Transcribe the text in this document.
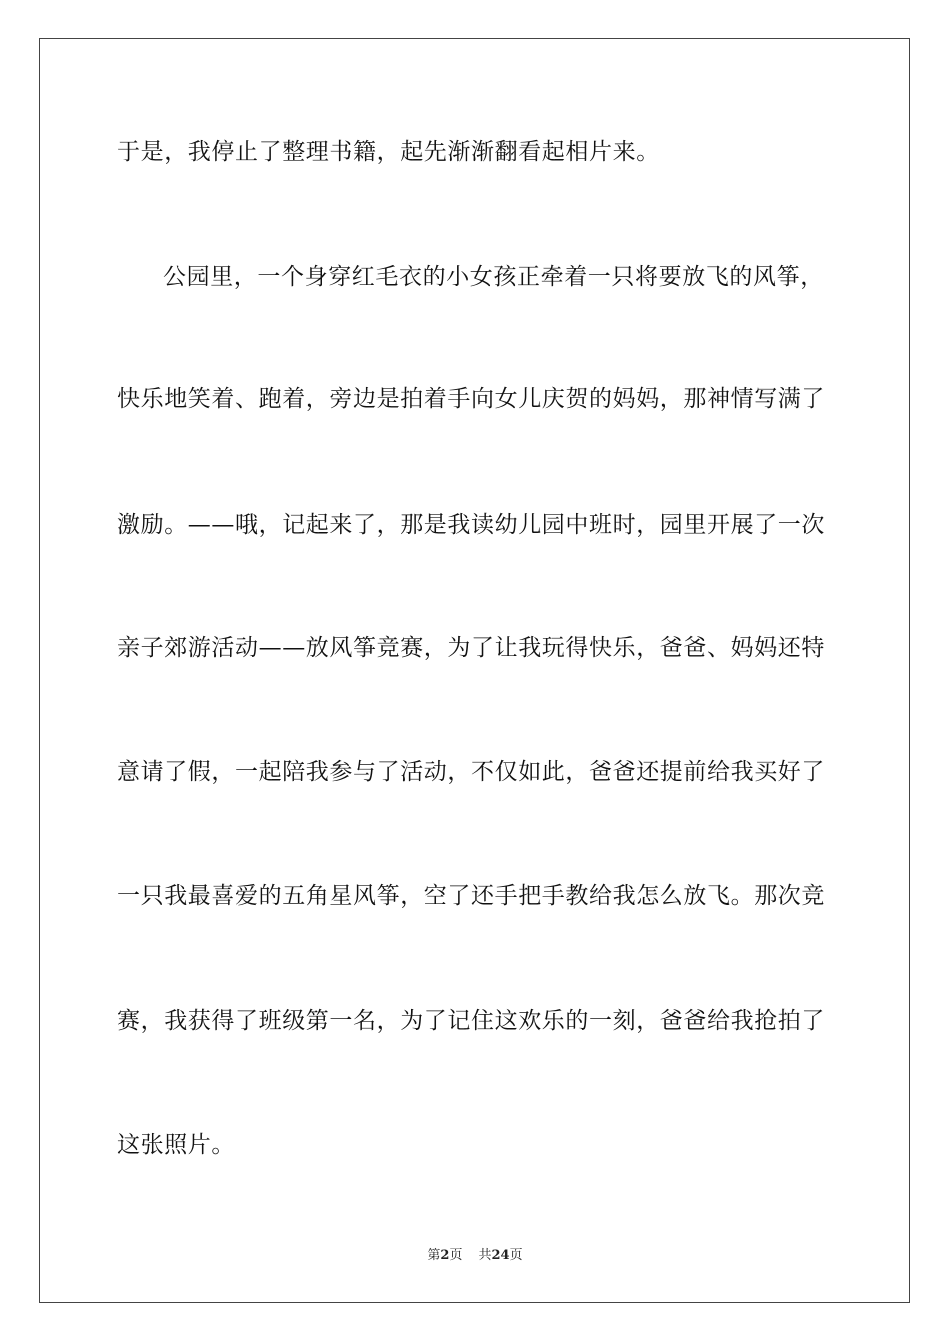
于是，我停止了整理书籍，起先渐渐翻看起相片来。
公园里，一个身穿红毛衣的小女孩正牵着一只将要放飞的风筝，
快乐地笑着、跑着，旁边是拍着手向女儿庆贺的妈妈，那神情写满了
激励。——哦，记起来了，那是我读幼儿园中班时，园里开展了一次
亲子郊游活动——放风筝竞赛，为了让我玩得快乐，爸爸、妈妈还特
意请了假，一起陪我参与了活动，不仅如此，爸爸还提前给我买好了
一只我最喜爱的五角星风筝，空了还手把手教给我怎么放飞。那次竞
赛，我获得了班级第一名，为了记住这欢乐的一刻，爸爸给我抢拍了
这张照片。
第2页 共24页
